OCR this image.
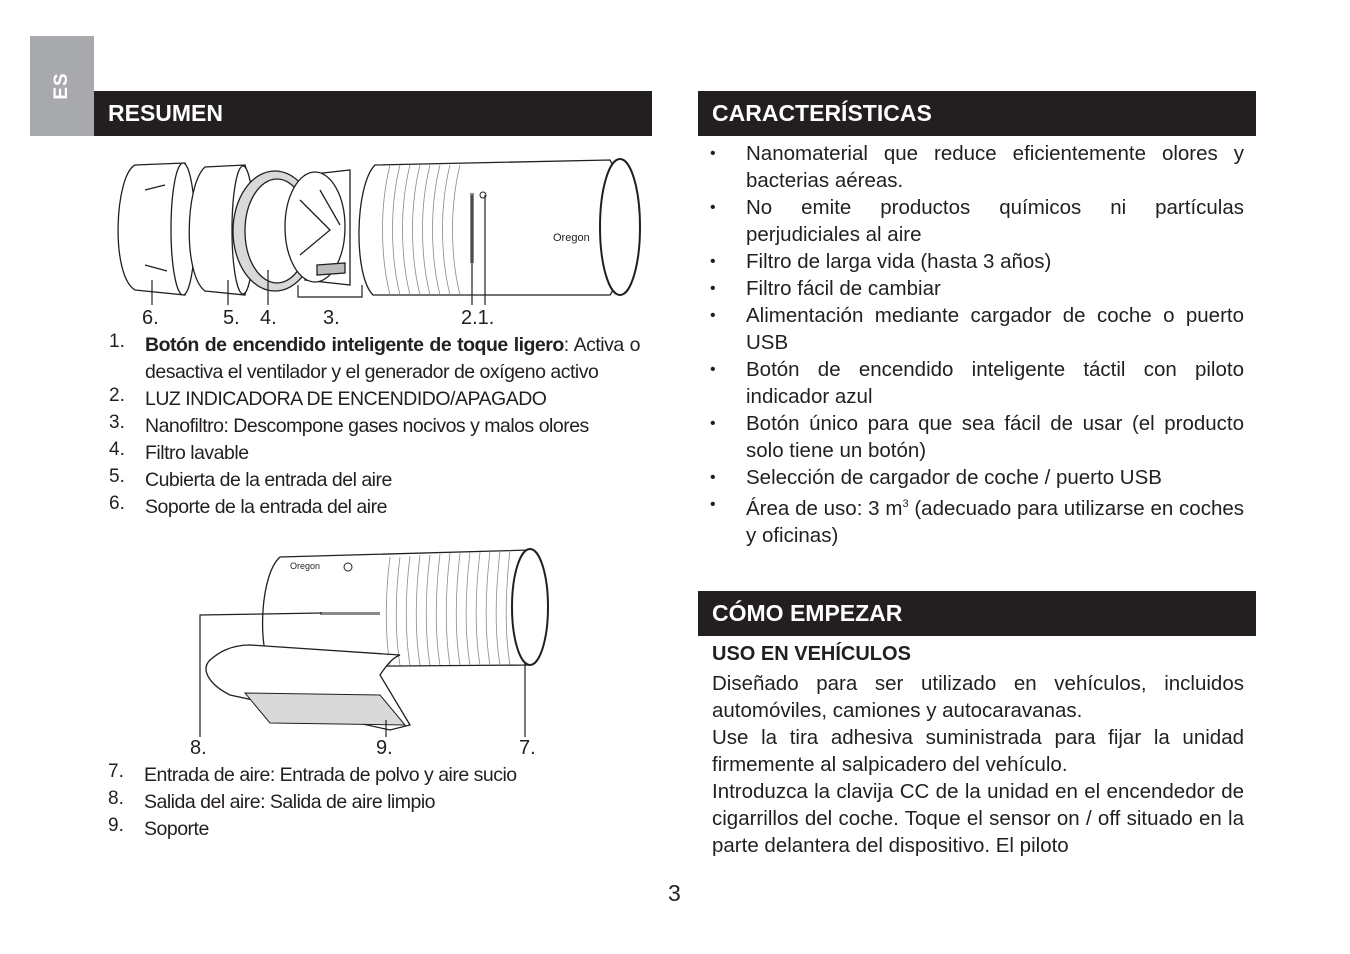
ES
RESUMEN
Oregon
6.	5. 4. 3.	2.1.
1. Botón de encendido inteligente de toque ligero: Activa o desactiva el ventilador y el generador de oxígeno activo
2. LUZ INDICADORA DE ENCENDIDO/APAGADO
3. Nanofiltro: Descompone gases nocivos y malos olores
4. Filtro lavable
5. Cubierta de la entrada del aire
6. Soporte de la entrada del aire
Oregon
8.	9.	7.
7. Entrada de aire: Entrada de polvo y aire sucio
8. Salida del aire: Salida de aire limpio
9. Soporte
CARACTERÍSTICAS
• Nanomaterial que reduce eficientemente olores y bacterias aéreas.
• No emite productos químicos ni partículas perjudiciales al aire
• Filtro de larga vida (hasta 3 años)
• Filtro fácil de cambiar
• Alimentación mediante cargador de coche o puerto USB
• Botón de encendido inteligente táctil con piloto indicador azul
• Botón único para que sea fácil de usar (el producto solo tiene un botón)
• Selección de cargador de coche / puerto USB
• Área de uso: 3 $m^3$ (adecuado para utilizarse en coches y oficinas)
CÓMO EMPEZAR
USO EN VEHÍCULOS
Diseñado para ser utilizado en vehículos, incluidos automóviles, camiones y autocaravanas.
Use la tira adhesiva suministrada para fijar la unidad firmemente al salpicadero del vehículo.
Introduzca la clavija CC de la unidad en el encendedor de cigarrillos del coche. Toque el sensor on / off situado en la parte delantera del dispositivo. El piloto
3
